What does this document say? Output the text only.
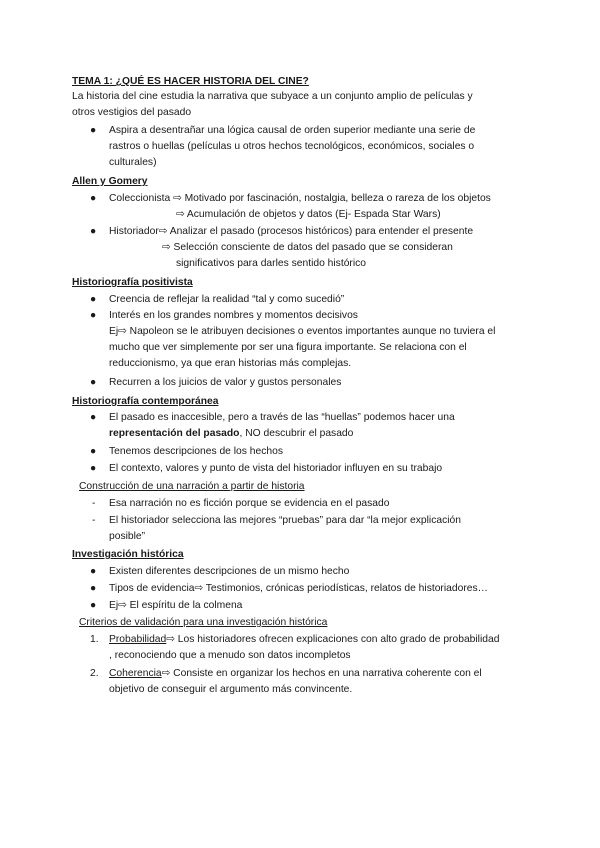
TEMA 1: ¿QUÉ ES HACER HISTORIA DEL CINE?
La historia del cine estudia la narrativa que subyace a un conjunto amplio de películas y
otros vestigios del pasado
● Aspira a desentrañar una lógica causal de orden superior mediante una serie de
rastros o huellas (películas u otros hechos tecnológicos, económicos, sociales o
culturales)
Allen y Gomery
● Coleccionista ⇨ Motivado por fascinación, nostalgia, belleza o rareza de los objetos
⇨ Acumulación de objetos y datos (Ej- Espada Star Wars)
● Historiador⇨ Analizar el pasado (procesos históricos) para entender el presente
⇨ Selección consciente de datos del pasado que se consideran
significativos para darles sentido histórico
Historiografía positivista
● Creencia de reflejar la realidad “tal y como sucedió”
● Interés en los grandes nombres y momentos decisivos
Ej⇨ Napoleon se le atribuyen decisiones o eventos importantes aunque no tuviera el
mucho que ver simplemente por ser una figura importante. Se relaciona con el
reduccionismo, ya que eran historias más complejas.
● Recurren a los juicios de valor y gustos personales
Historiografía contemporánea
● El pasado es inaccesible, pero a través de las “huellas” podemos hacer una
representación del pasado, NO descubrir el pasado
● Tenemos descripciones de los hechos
● El contexto, valores y punto de vista del historiador influyen en su trabajo
Construcción de una narración a partir de historia
- Esa narración no es ficción porque se evidencia en el pasado
- El historiador selecciona las mejores “pruebas” para dar “la mejor explicación
posible”
Investigación histórica
● Existen diferentes descripciones de un mismo hecho
● Tipos de evidencia⇨ Testimonios, crónicas periodísticas, relatos de historiadores…
● Ej⇨ El espíritu de la colmena
Criterios de validación para una investigación histórica
1. Probabilidad⇨ Los historiadores ofrecen explicaciones con alto grado de probabilidad
, reconociendo que a menudo son datos incompletos
2. Coherencia⇨ Consiste en organizar los hechos en una narrativa coherente con el
objetivo de conseguir el argumento más convincente.
